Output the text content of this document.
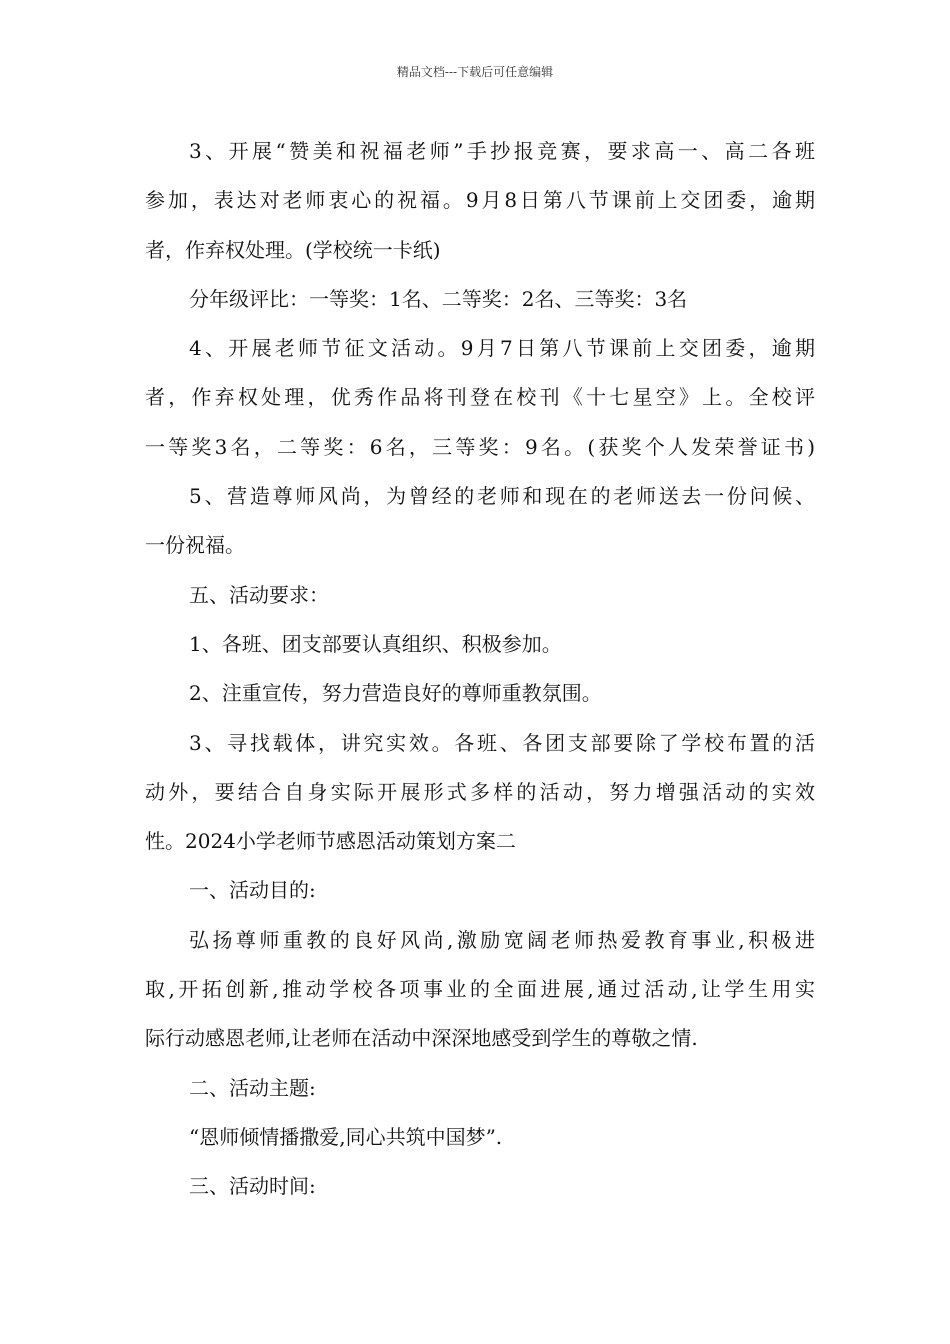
精品文档---下载后可任意编辑
3、开展“赞美和祝福老师”手抄报竞赛，要求高一、高二各班
参加，表达对老师衷心的祝福。9月8日第八节课前上交团委，逾期
者，作弃权处理。(学校统一卡纸)
分年级评比：一等奖：1名、二等奖：2名、三等奖：3名
4、开展老师节征文活动。9月7日第八节课前上交团委，逾期
者，作弃权处理，优秀作品将刊登在校刊《十七星空》上。全校评
一等奖3名，二等奖：6名，三等奖：9名。(获奖个人发荣誉证书)
5、营造尊师风尚，为曾经的老师和现在的老师送去一份问候、
一份祝福。
五、活动要求：
1、各班、团支部要认真组织、积极参加。
2、注重宣传，努力营造良好的尊师重教氛围。
3、寻找载体，讲究实效。各班、各团支部要除了学校布置的活
动外，要结合自身实际开展形式多样的活动，努力增强活动的实效
性。2024小学老师节感恩活动策划方案二
一、活动目的:
弘扬尊师重教的良好风尚,激励宽阔老师热爱教育事业,积极进
取,开拓创新,推动学校各项事业的全面进展,通过活动,让学生用实
际行动感恩老师,让老师在活动中深深地感受到学生的尊敬之情.
二、活动主题:
“恩师倾情播撒爱,同心共筑中国梦”.
三、活动时间:
